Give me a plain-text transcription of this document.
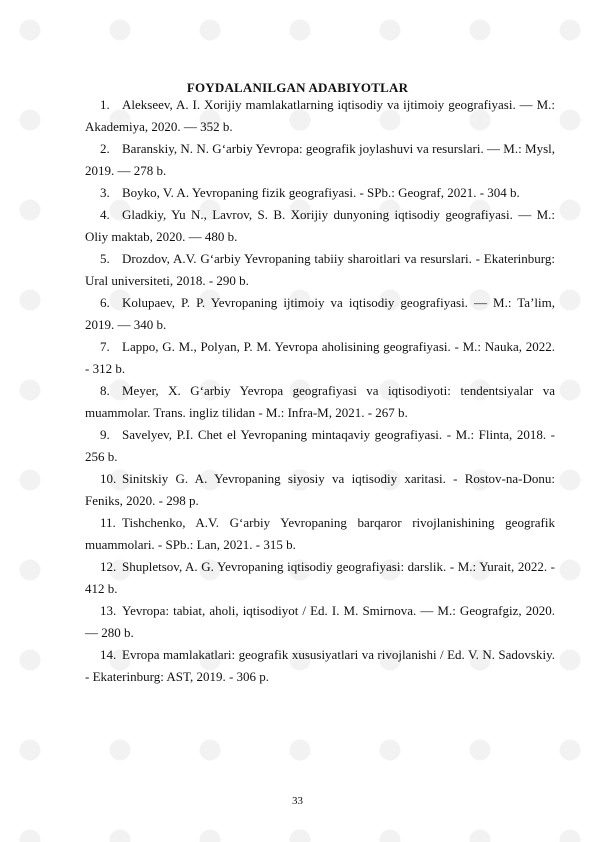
FOYDALANILGAN ADABIYOTLAR

1. Alekseev, A. I. Xorijiy mamlakatlarning iqtisodiy va ijtimoiy geografiyasi. — M.: Akademiya, 2020. — 352 b.

2. Baranskiy, N. N. G‘arbiy Yevropa: geografik joylashuvi va resurslari. — M.: Mysl, 2019. — 278 b.

3. Boyko, V. A. Yevropaning fizik geografiyasi. - SPb.: Geograf, 2021. - 304 b.

4. Gladkiy, Yu N., Lavrov, S. B. Xorijiy dunyoning iqtisodiy geografiyasi. — M.: Oliy maktab, 2020. — 480 b.

5. Drozdov, A.V. G‘arbiy Yevropaning tabiiy sharoitlari va resurslari. - Ekaterinburg: Ural universiteti, 2018. - 290 b.

6. Kolupaev, P. P. Yevropaning ijtimoiy va iqtisodiy geografiyasi. — M.: Ta’lim, 2019. — 340 b.

7. Lappo, G. M., Polyan, P. M. Yevropa aholisining geografiyasi. - M.: Nauka, 2022. - 312 b.

8. Meyer, X. G‘arbiy Yevropa geografiyasi va iqtisodiyoti: tendentsiyalar va muammolar. Trans. ingliz tilidan - M.: Infra-M, 2021. - 267 b.

9. Savelyev, P.I. Chet el Yevropaning mintaqaviy geografiyasi. - M.: Flinta, 2018. - 256 b.

10. Sinitskiy G. A. Yevropaning siyosiy va iqtisodiy xaritasi. - Rostov-na-Donu: Feniks, 2020. - 298 p.

11. Tishchenko, A.V. G‘arbiy Yevropaning barqaror rivojlanishining geografik muammolari. - SPb.: Lan, 2021. - 315 b.

12. Shupletsov, A. G. Yevropaning iqtisodiy geografiyasi: darslik. - M.: Yurait, 2022. - 412 b.

13. Yevropa: tabiat, aholi, iqtisodiyot / Ed. I. M. Smirnova. — M.: Geografgiz, 2020. — 280 b.

14. Evropa mamlakatlari: geografik xususiyatlari va rivojlanishi / Ed. V. N. Sadovskiy. - Ekaterinburg: AST, 2019. - 306 p.

33
